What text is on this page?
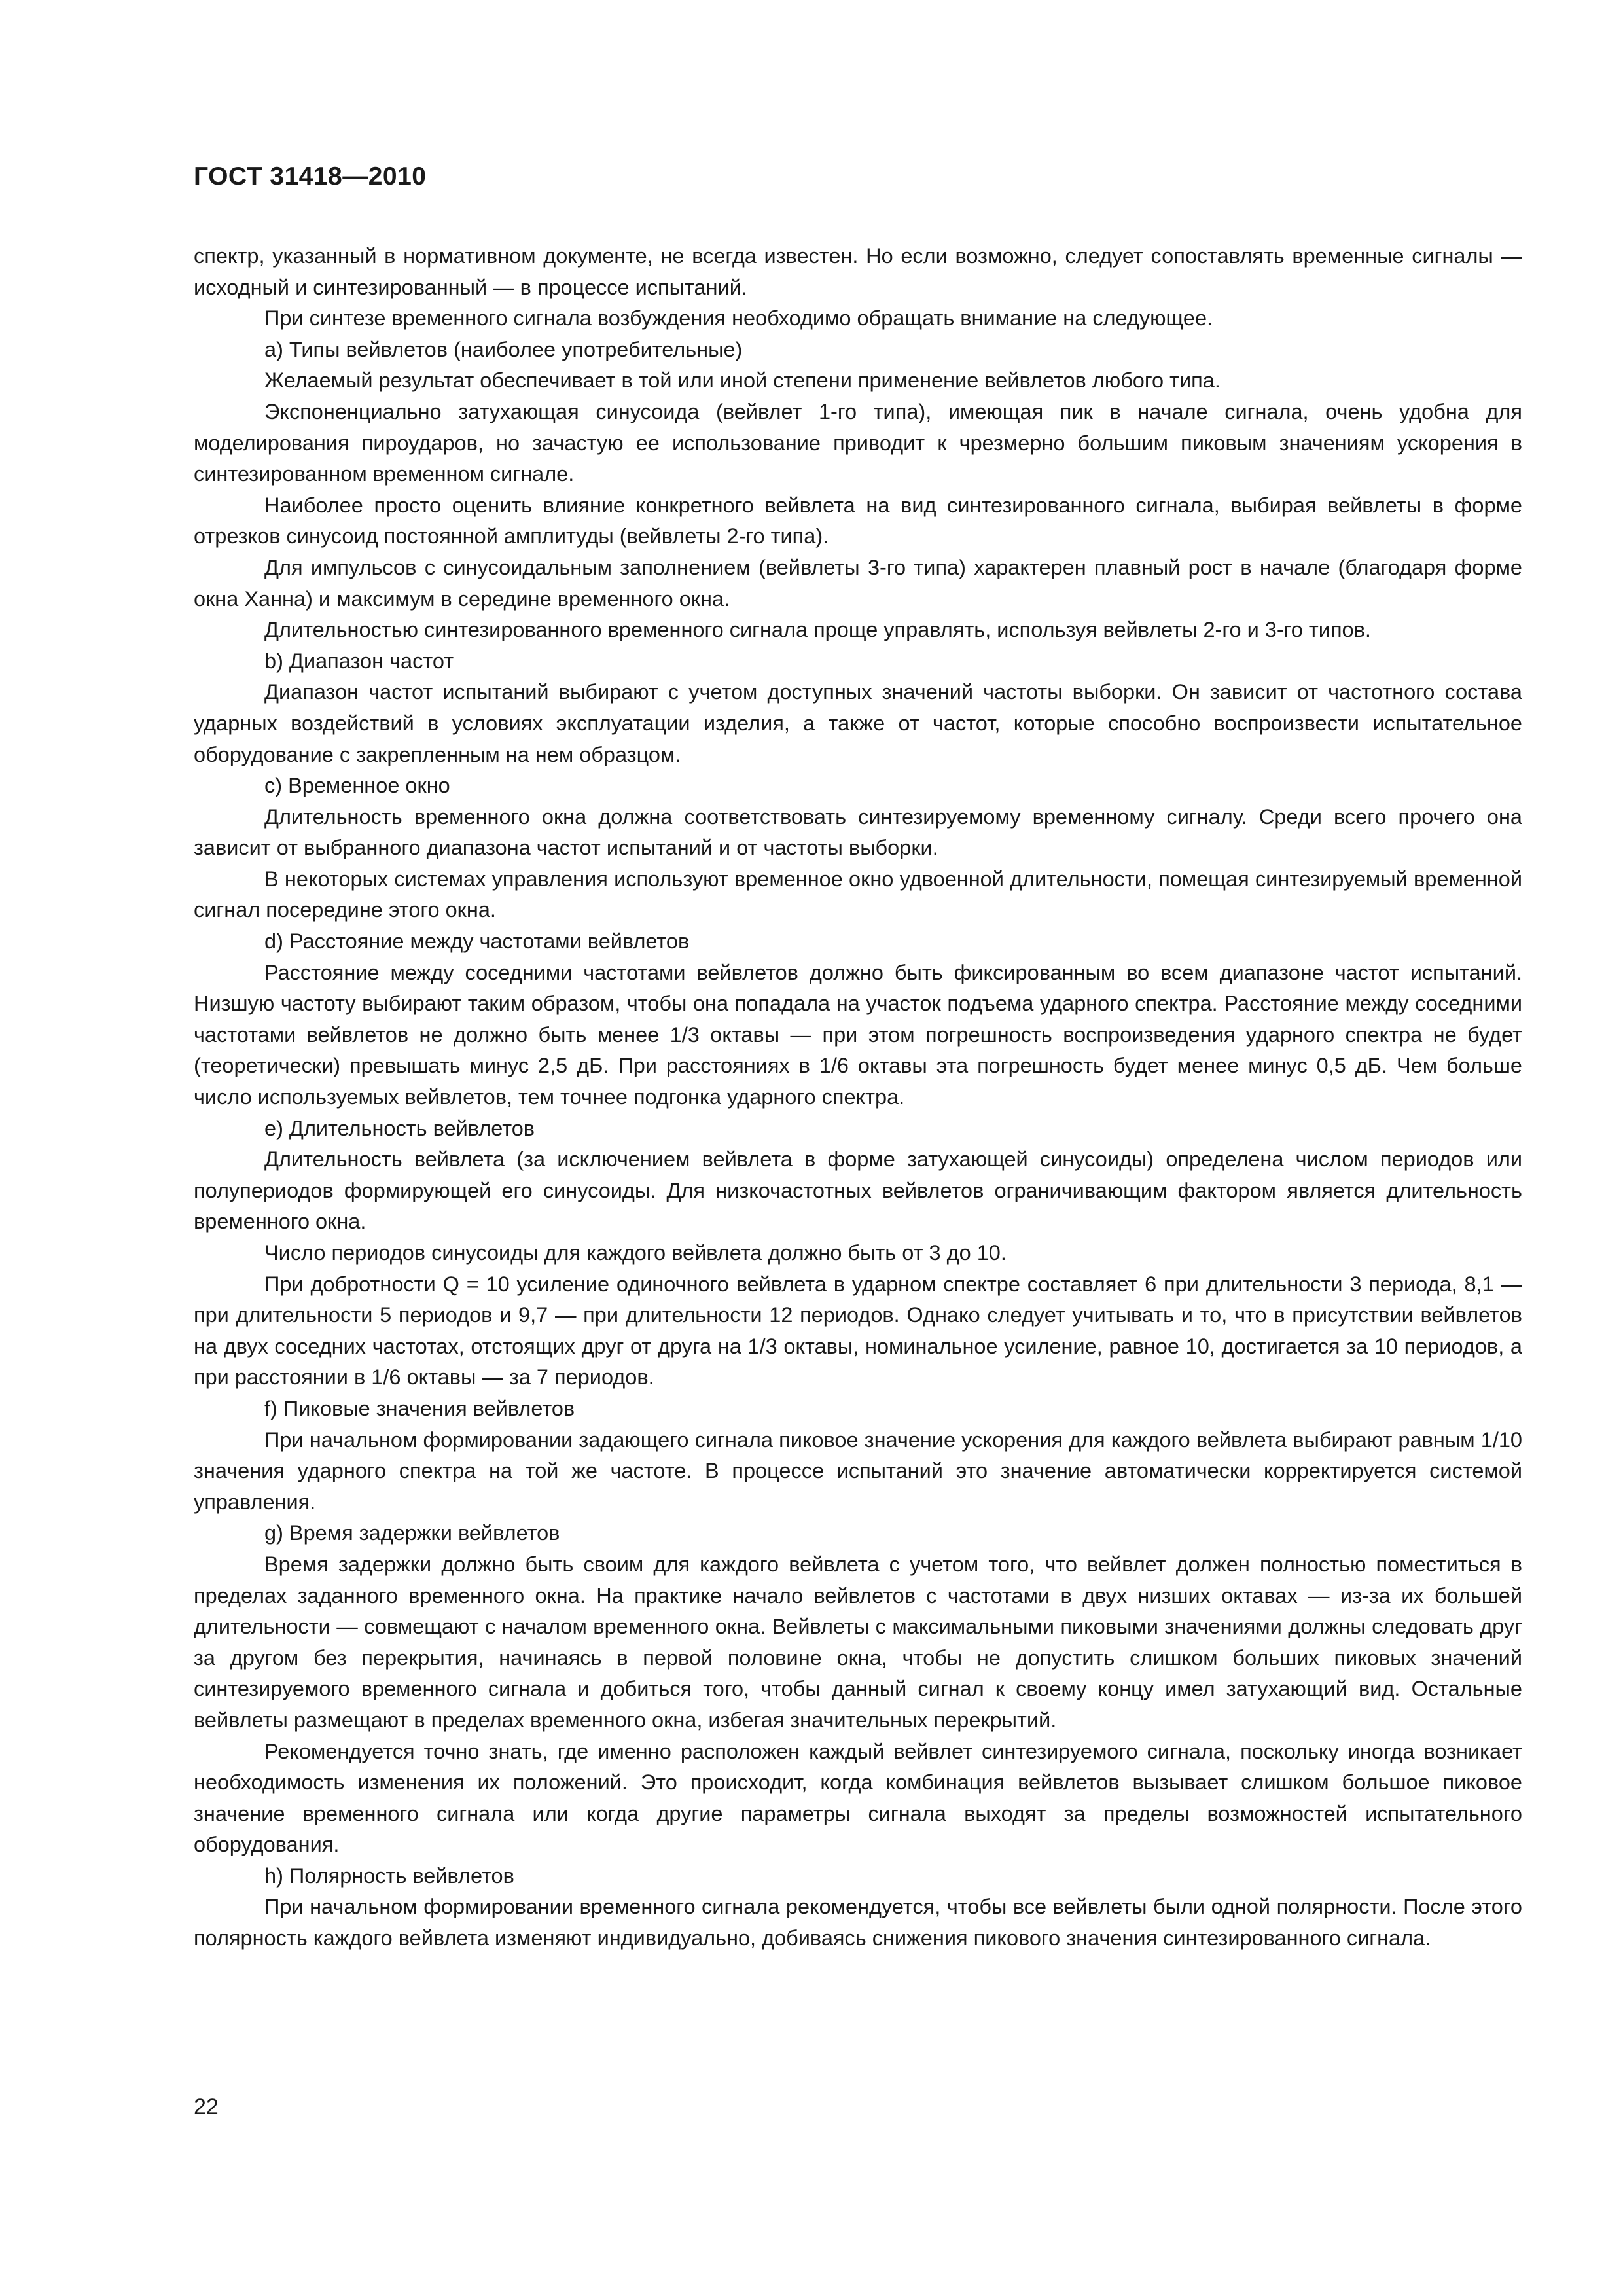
ГОСТ 31418—2010

спектр, указанный в нормативном документе, не всегда известен. Но если возможно, следует сопоставлять временные сигналы — исходный и синтезированный — в процессе испытаний.

При синтезе временного сигнала возбуждения необходимо обращать внимание на следующее.

a) Типы вейвлетов (наиболее употребительные)

Желаемый результат обеспечивает в той или иной степени применение вейвлетов любого типа.

Экспоненциально затухающая синусоида (вейвлет 1-го типа), имеющая пик в начале сигнала, очень удобна для моделирования пироударов, но зачастую ее использование приводит к чрезмерно большим пиковым значениям ускорения в синтезированном временном сигнале.

Наиболее просто оценить влияние конкретного вейвлета на вид синтезированного сигнала, выбирая вейвлеты в форме отрезков синусоид постоянной амплитуды (вейвлеты 2-го типа).

Для импульсов с синусоидальным заполнением (вейвлеты 3-го типа) характерен плавный рост в начале (благодаря форме окна Ханна) и максимум в середине временного окна.

Длительностью синтезированного временного сигнала проще управлять, используя вейвлеты 2-го и 3-го типов.

b) Диапазон частот

Диапазон частот испытаний выбирают с учетом доступных значений частоты выборки. Он зависит от частотного состава ударных воздействий в условиях эксплуатации изделия, а также от частот, которые способно воспроизвести испытательное оборудование с закрепленным на нем образцом.

c) Временное окно

Длительность временного окна должна соответствовать синтезируемому временному сигналу. Среди всего прочего она зависит от выбранного диапазона частот испытаний и от частоты выборки.

В некоторых системах управления используют временное окно удвоенной длительности, помещая синтезируемый временной сигнал посередине этого окна.

d) Расстояние между частотами вейвлетов

Расстояние между соседними частотами вейвлетов должно быть фиксированным во всем диапазоне частот испытаний. Низшую частоту выбирают таким образом, чтобы она попадала на участок подъема ударного спектра. Расстояние между соседними частотами вейвлетов не должно быть менее 1/3 октавы — при этом погрешность воспроизведения ударного спектра не будет (теоретически) превышать минус 2,5 дБ. При расстояниях в 1/6 октавы эта погрешность будет менее минус 0,5 дБ. Чем больше число используемых вейвлетов, тем точнее подгонка ударного спектра.

e) Длительность вейвлетов

Длительность вейвлета (за исключением вейвлета в форме затухающей синусоиды) определена числом периодов или полупериодов формирующей его синусоиды. Для низкочастотных вейвлетов ограничивающим фактором является длительность временного окна.

Число периодов синусоиды для каждого вейвлета должно быть от 3 до 10.

При добротности Q = 10 усиление одиночного вейвлета в ударном спектре составляет 6 при длительности 3 периода, 8,1 — при длительности 5 периодов и 9,7 — при длительности 12 периодов. Однако следует учитывать и то, что в присутствии вейвлетов на двух соседних частотах, отстоящих друг от друга на 1/3 октавы, номинальное усиление, равное 10, достигается за 10 периодов, а при расстоянии в 1/6 октавы — за 7 периодов.

f) Пиковые значения вейвлетов

При начальном формировании задающего сигнала пиковое значение ускорения для каждого вейвлета выбирают равным 1/10 значения ударного спектра на той же частоте. В процессе испытаний это значение автоматически корректируется системой управления.

g) Время задержки вейвлетов

Время задержки должно быть своим для каждого вейвлета с учетом того, что вейвлет должен полностью поместиться в пределах заданного временного окна. На практике начало вейвлетов с частотами в двух низших октавах — из-за их большей длительности — совмещают с началом временного окна. Вейвлеты с максимальными пиковыми значениями должны следовать друг за другом без перекрытия, начинаясь в первой половине окна, чтобы не допустить слишком больших пиковых значений синтезируемого временного сигнала и добиться того, чтобы данный сигнал к своему концу имел затухающий вид. Остальные вейвлеты размещают в пределах временного окна, избегая значительных перекрытий.

Рекомендуется точно знать, где именно расположен каждый вейвлет синтезируемого сигнала, поскольку иногда возникает необходимость изменения их положений. Это происходит, когда комбинация вейвлетов вызывает слишком большое пиковое значение временного сигнала или когда другие параметры сигнала выходят за пределы возможностей испытательного оборудования.

h) Полярность вейвлетов

При начальном формировании временного сигнала рекомендуется, чтобы все вейвлеты были одной полярности. После этого полярность каждого вейвлета изменяют индивидуально, добиваясь снижения пикового значения синтезированного сигнала.

22
